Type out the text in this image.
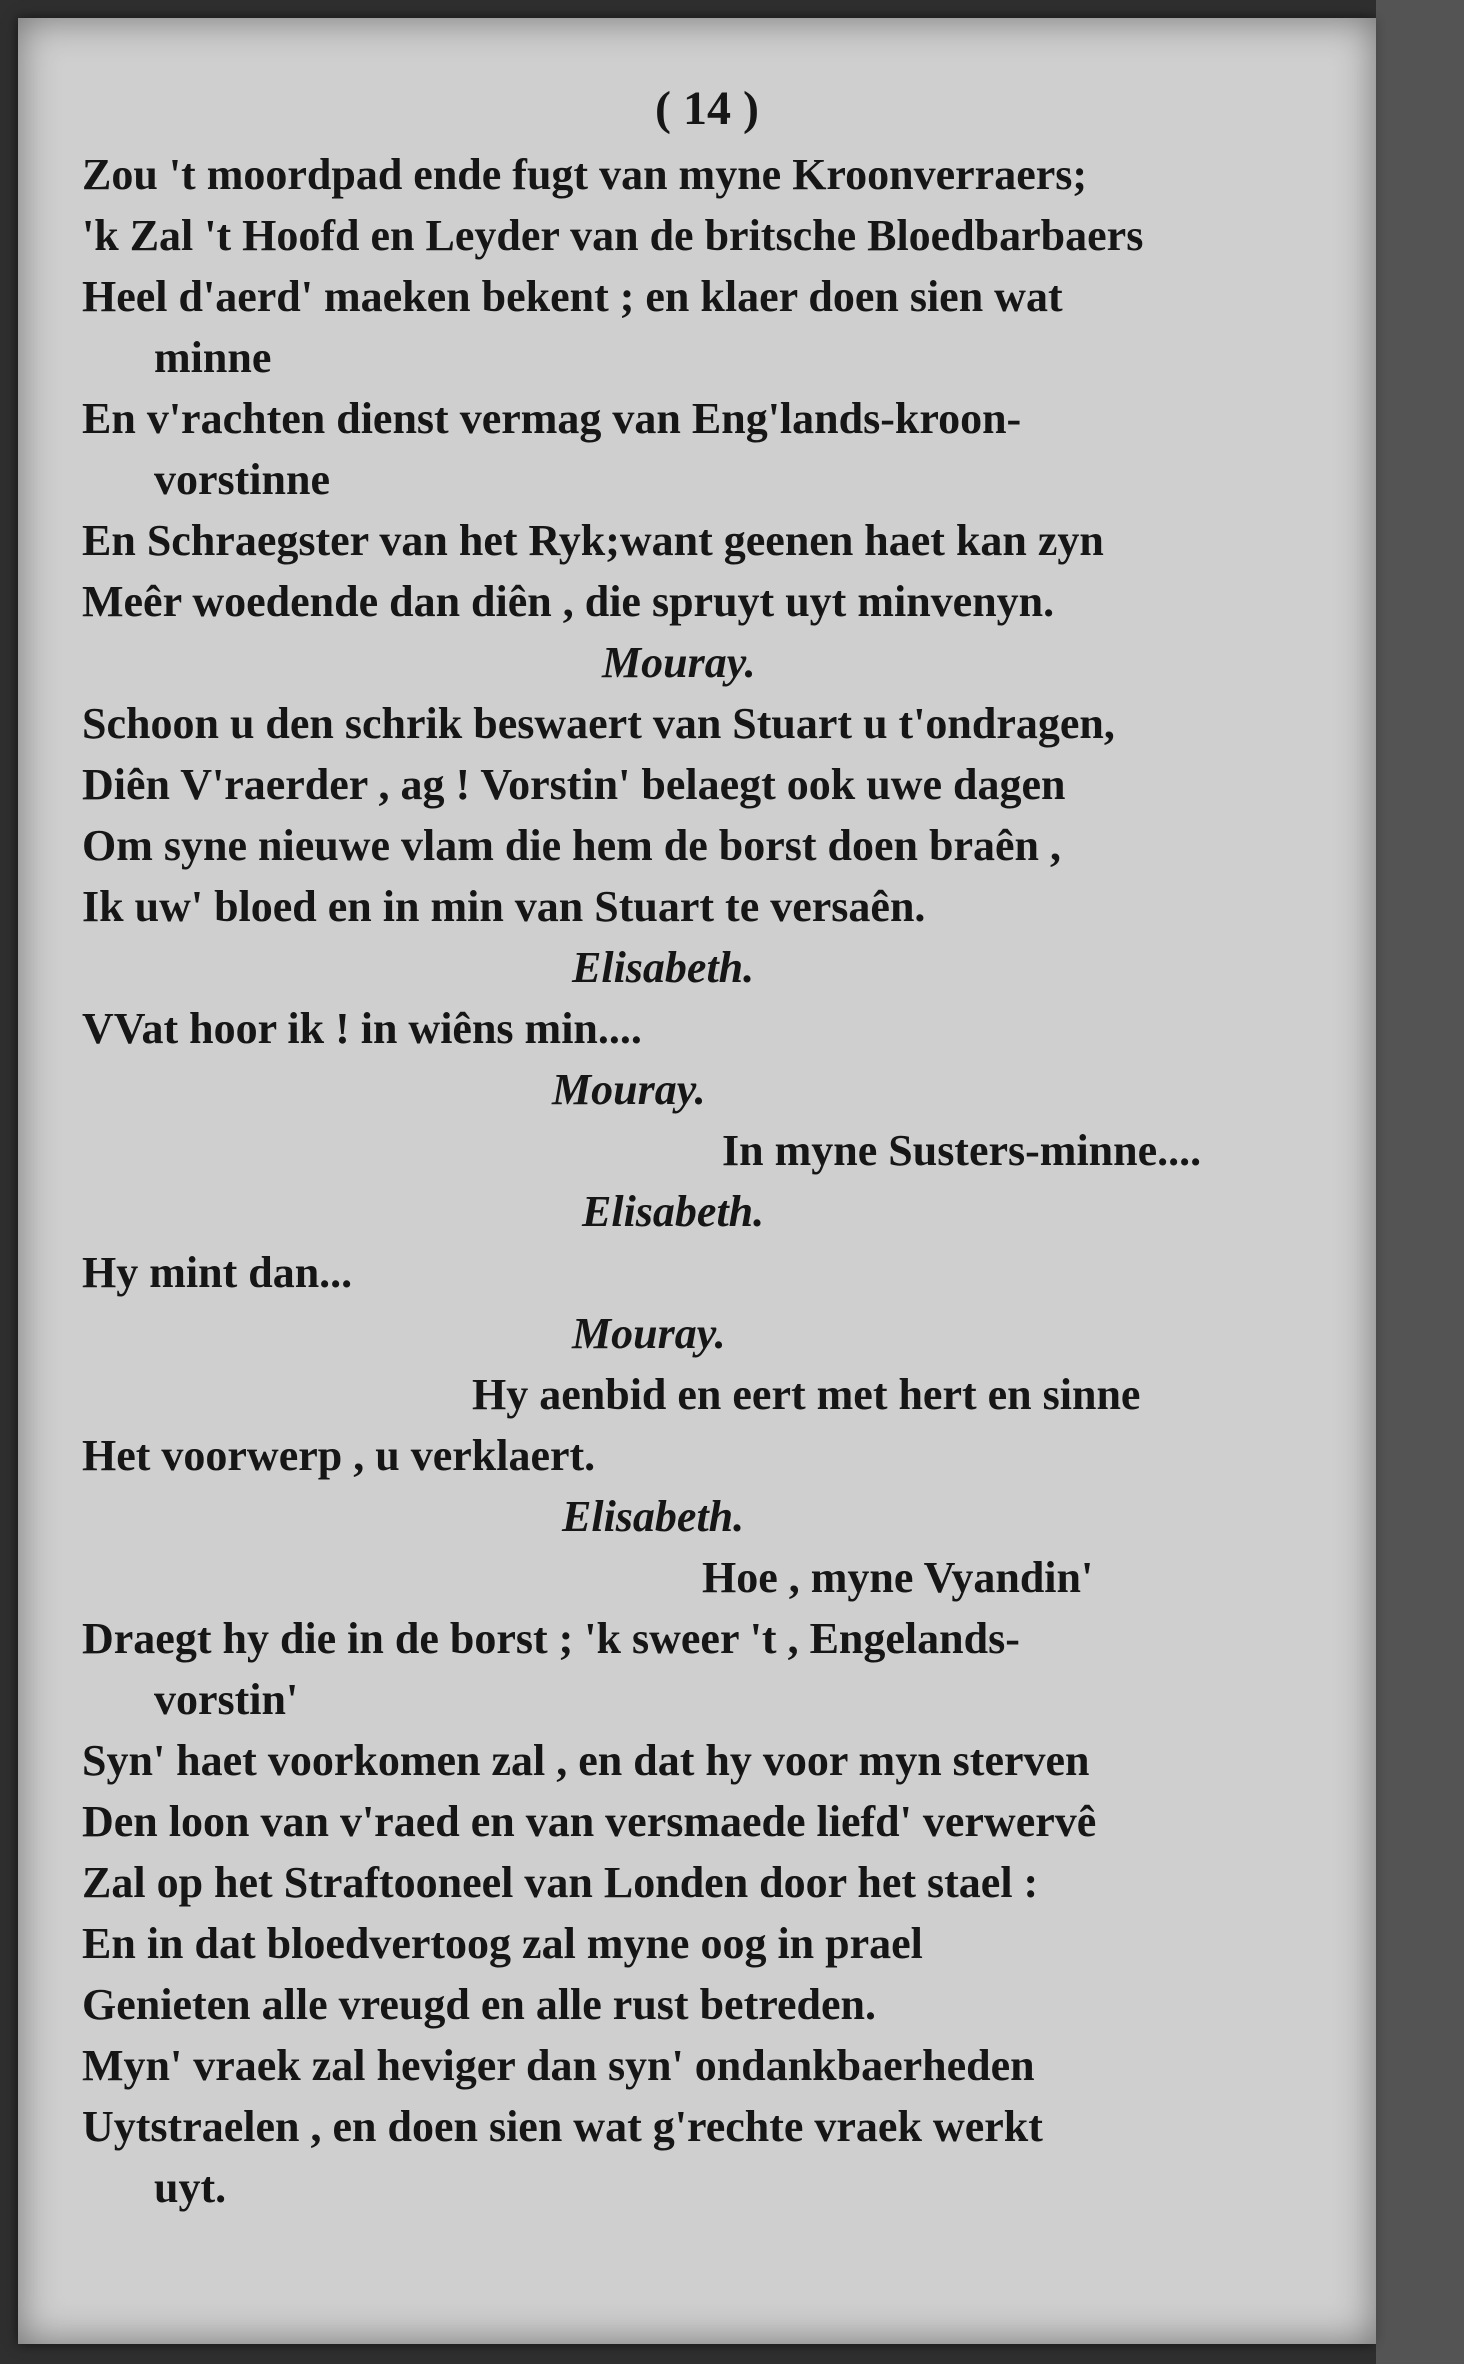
( 14 )
Zou 't moordpad ende fugt van myne Kroonverraers;
'k Zal 't Hoofd en Leyder van de britsche Bloedbarbaers
Heel d'aerd' maeken bekent ; en klaer doen sien wat
minne
En v'rachten dienst vermag van Eng'lands-kroon-
vorstinne
En Schraegster van het Ryk;want geenen haet kan zyn
Meêr woedende dan diên , die spruyt uyt minvenyn.
Mouray.
Schoon u den schrik beswaert van Stuart u t'ondragen,
Diên V'raerder , ag ! Vorstin' belaegt ook uwe dagen
Om syne nieuwe vlam die hem de borst doen braên ,
Ik uw' bloed en in min van Stuart te versaên.
Elisabeth.
VVat hoor ik ! in wiêns min....
Mouray.
In myne Susters-minne....
Elisabeth.
Hy mint dan...
Mouray.
Hy aenbid en eert met hert en sinne
Het voorwerp , u verklaert.
Elisabeth.
Hoe , myne Vyandin'
Draegt hy die in de borst ; 'k sweer 't , Engelands-
vorstin'
Syn' haet voorkomen zal , en dat hy voor myn sterven
Den loon van v'raed en van versmaede liefd' verwervê
Zal op het Straftooneel van Londen door het stael :
En in dat bloedvertoog zal myne oog in prael
Genieten alle vreugd en alle rust betreden.
Myn' vraek zal heviger dan syn' ondankbaerheden
Uytstraelen , en doen sien wat g'rechte vraek werkt
uyt.
